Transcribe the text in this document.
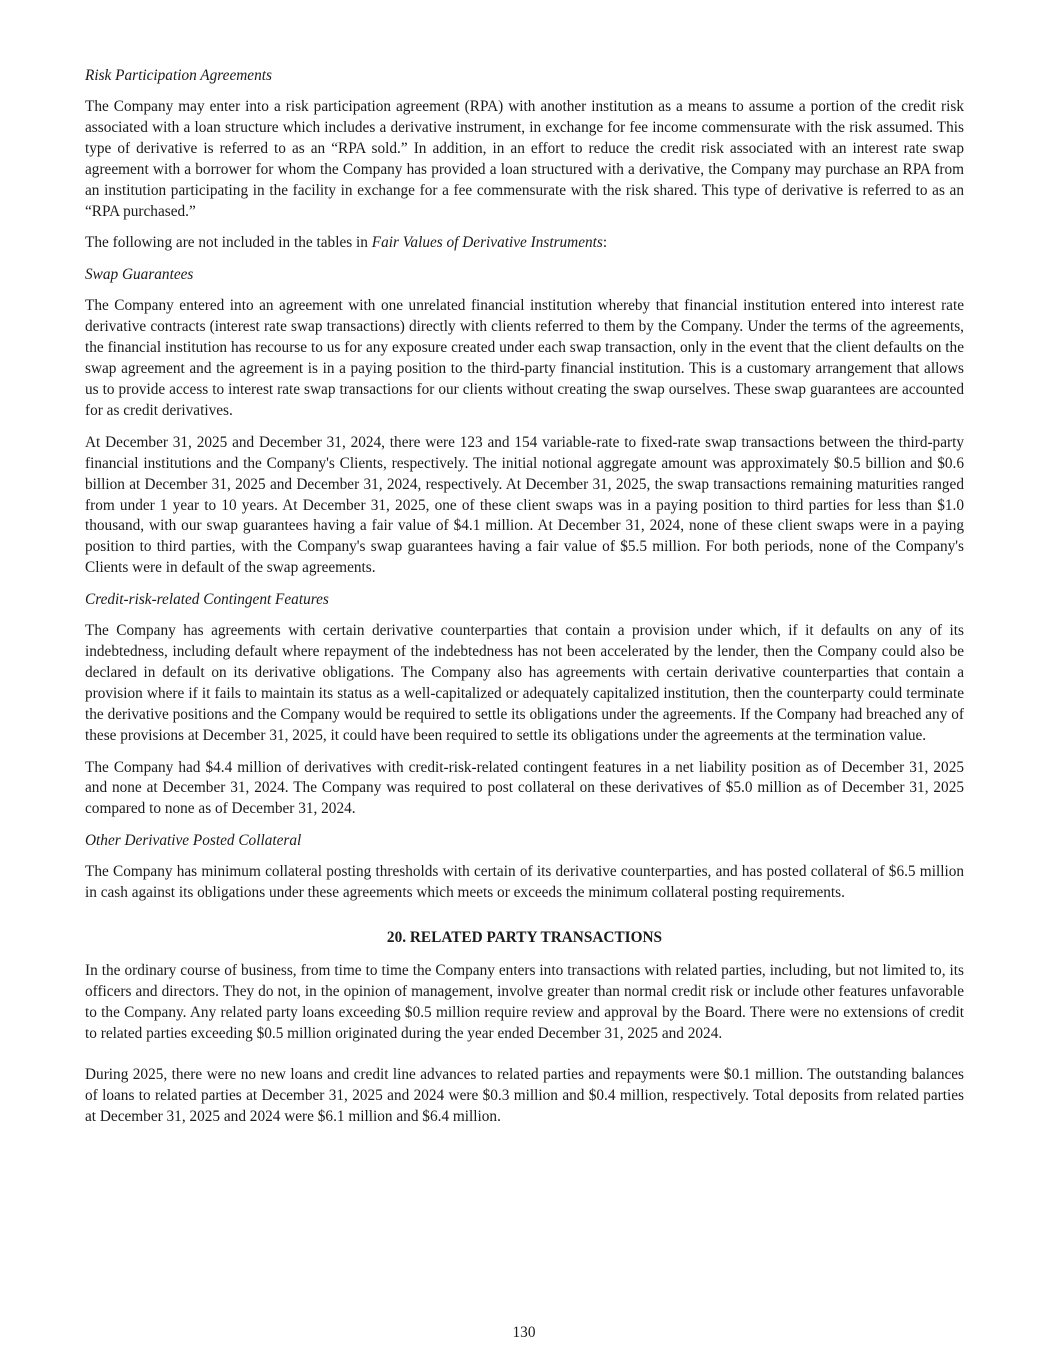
Risk Participation Agreements

The Company may enter into a risk participation agreement (RPA) with another institution as a means to assume a portion of the credit risk associated with a loan structure which includes a derivative instrument, in exchange for fee income commensurate with the risk assumed. This type of derivative is referred to as an “RPA sold.” In addition, in an effort to reduce the credit risk associated with an interest rate swap agreement with a borrower for whom the Company has provided a loan structured with a derivative, the Company may purchase an RPA from an institution participating in the facility in exchange for a fee commensurate with the risk shared. This type of derivative is referred to as an “RPA purchased.”

The following are not included in the tables in Fair Values of Derivative Instruments:

Swap Guarantees

The Company entered into an agreement with one unrelated financial institution whereby that financial institution entered into interest rate derivative contracts (interest rate swap transactions) directly with clients referred to them by the Company. Under the terms of the agreements, the financial institution has recourse to us for any exposure created under each swap transaction, only in the event that the client defaults on the swap agreement and the agreement is in a paying position to the third-party financial institution. This is a customary arrangement that allows us to provide access to interest rate swap transactions for our clients without creating the swap ourselves. These swap guarantees are accounted for as credit derivatives.

At December 31, 2025 and December 31, 2024, there were 123 and 154 variable-rate to fixed-rate swap transactions between the third-party financial institutions and the Company's Clients, respectively. The initial notional aggregate amount was approximately $0.5 billion and $0.6 billion at December 31, 2025 and December 31, 2024, respectively. At December 31, 2025, the swap transactions remaining maturities ranged from under 1 year to 10 years. At December 31, 2025, one of these client swaps was in a paying position to third parties for less than $1.0 thousand, with our swap guarantees having a fair value of $4.1 million. At December 31, 2024, none of these client swaps were in a paying position to third parties, with the Company's swap guarantees having a fair value of $5.5 million. For both periods, none of the Company's Clients were in default of the swap agreements.

Credit-risk-related Contingent Features

The Company has agreements with certain derivative counterparties that contain a provision under which, if it defaults on any of its indebtedness, including default where repayment of the indebtedness has not been accelerated by the lender, then the Company could also be declared in default on its derivative obligations. The Company also has agreements with certain derivative counterparties that contain a provision where if it fails to maintain its status as a well-capitalized or adequately capitalized institution, then the counterparty could terminate the derivative positions and the Company would be required to settle its obligations under the agreements. If the Company had breached any of these provisions at December 31, 2025, it could have been required to settle its obligations under the agreements at the termination value.

The Company had $4.4 million of derivatives with credit-risk-related contingent features in a net liability position as of December 31, 2025 and none at December 31, 2024. The Company was required to post collateral on these derivatives of $5.0 million as of December 31, 2025 compared to none as of December 31, 2024.

Other Derivative Posted Collateral

The Company has minimum collateral posting thresholds with certain of its derivative counterparties, and has posted collateral of $6.5 million in cash against its obligations under these agreements which meets or exceeds the minimum collateral posting requirements.

20. RELATED PARTY TRANSACTIONS

In the ordinary course of business, from time to time the Company enters into transactions with related parties, including, but not limited to, its officers and directors. They do not, in the opinion of management, involve greater than normal credit risk or include other features unfavorable to the Company. Any related party loans exceeding $0.5 million require review and approval by the Board. There were no extensions of credit to related parties exceeding $0.5 million originated during the year ended December 31, 2025 and 2024.

During 2025, there were no new loans and credit line advances to related parties and repayments were $0.1 million. The outstanding balances of loans to related parties at December 31, 2025 and 2024 were $0.3 million and $0.4 million, respectively. Total deposits from related parties at December 31, 2025 and 2024 were $6.1 million and $6.4 million.

130
